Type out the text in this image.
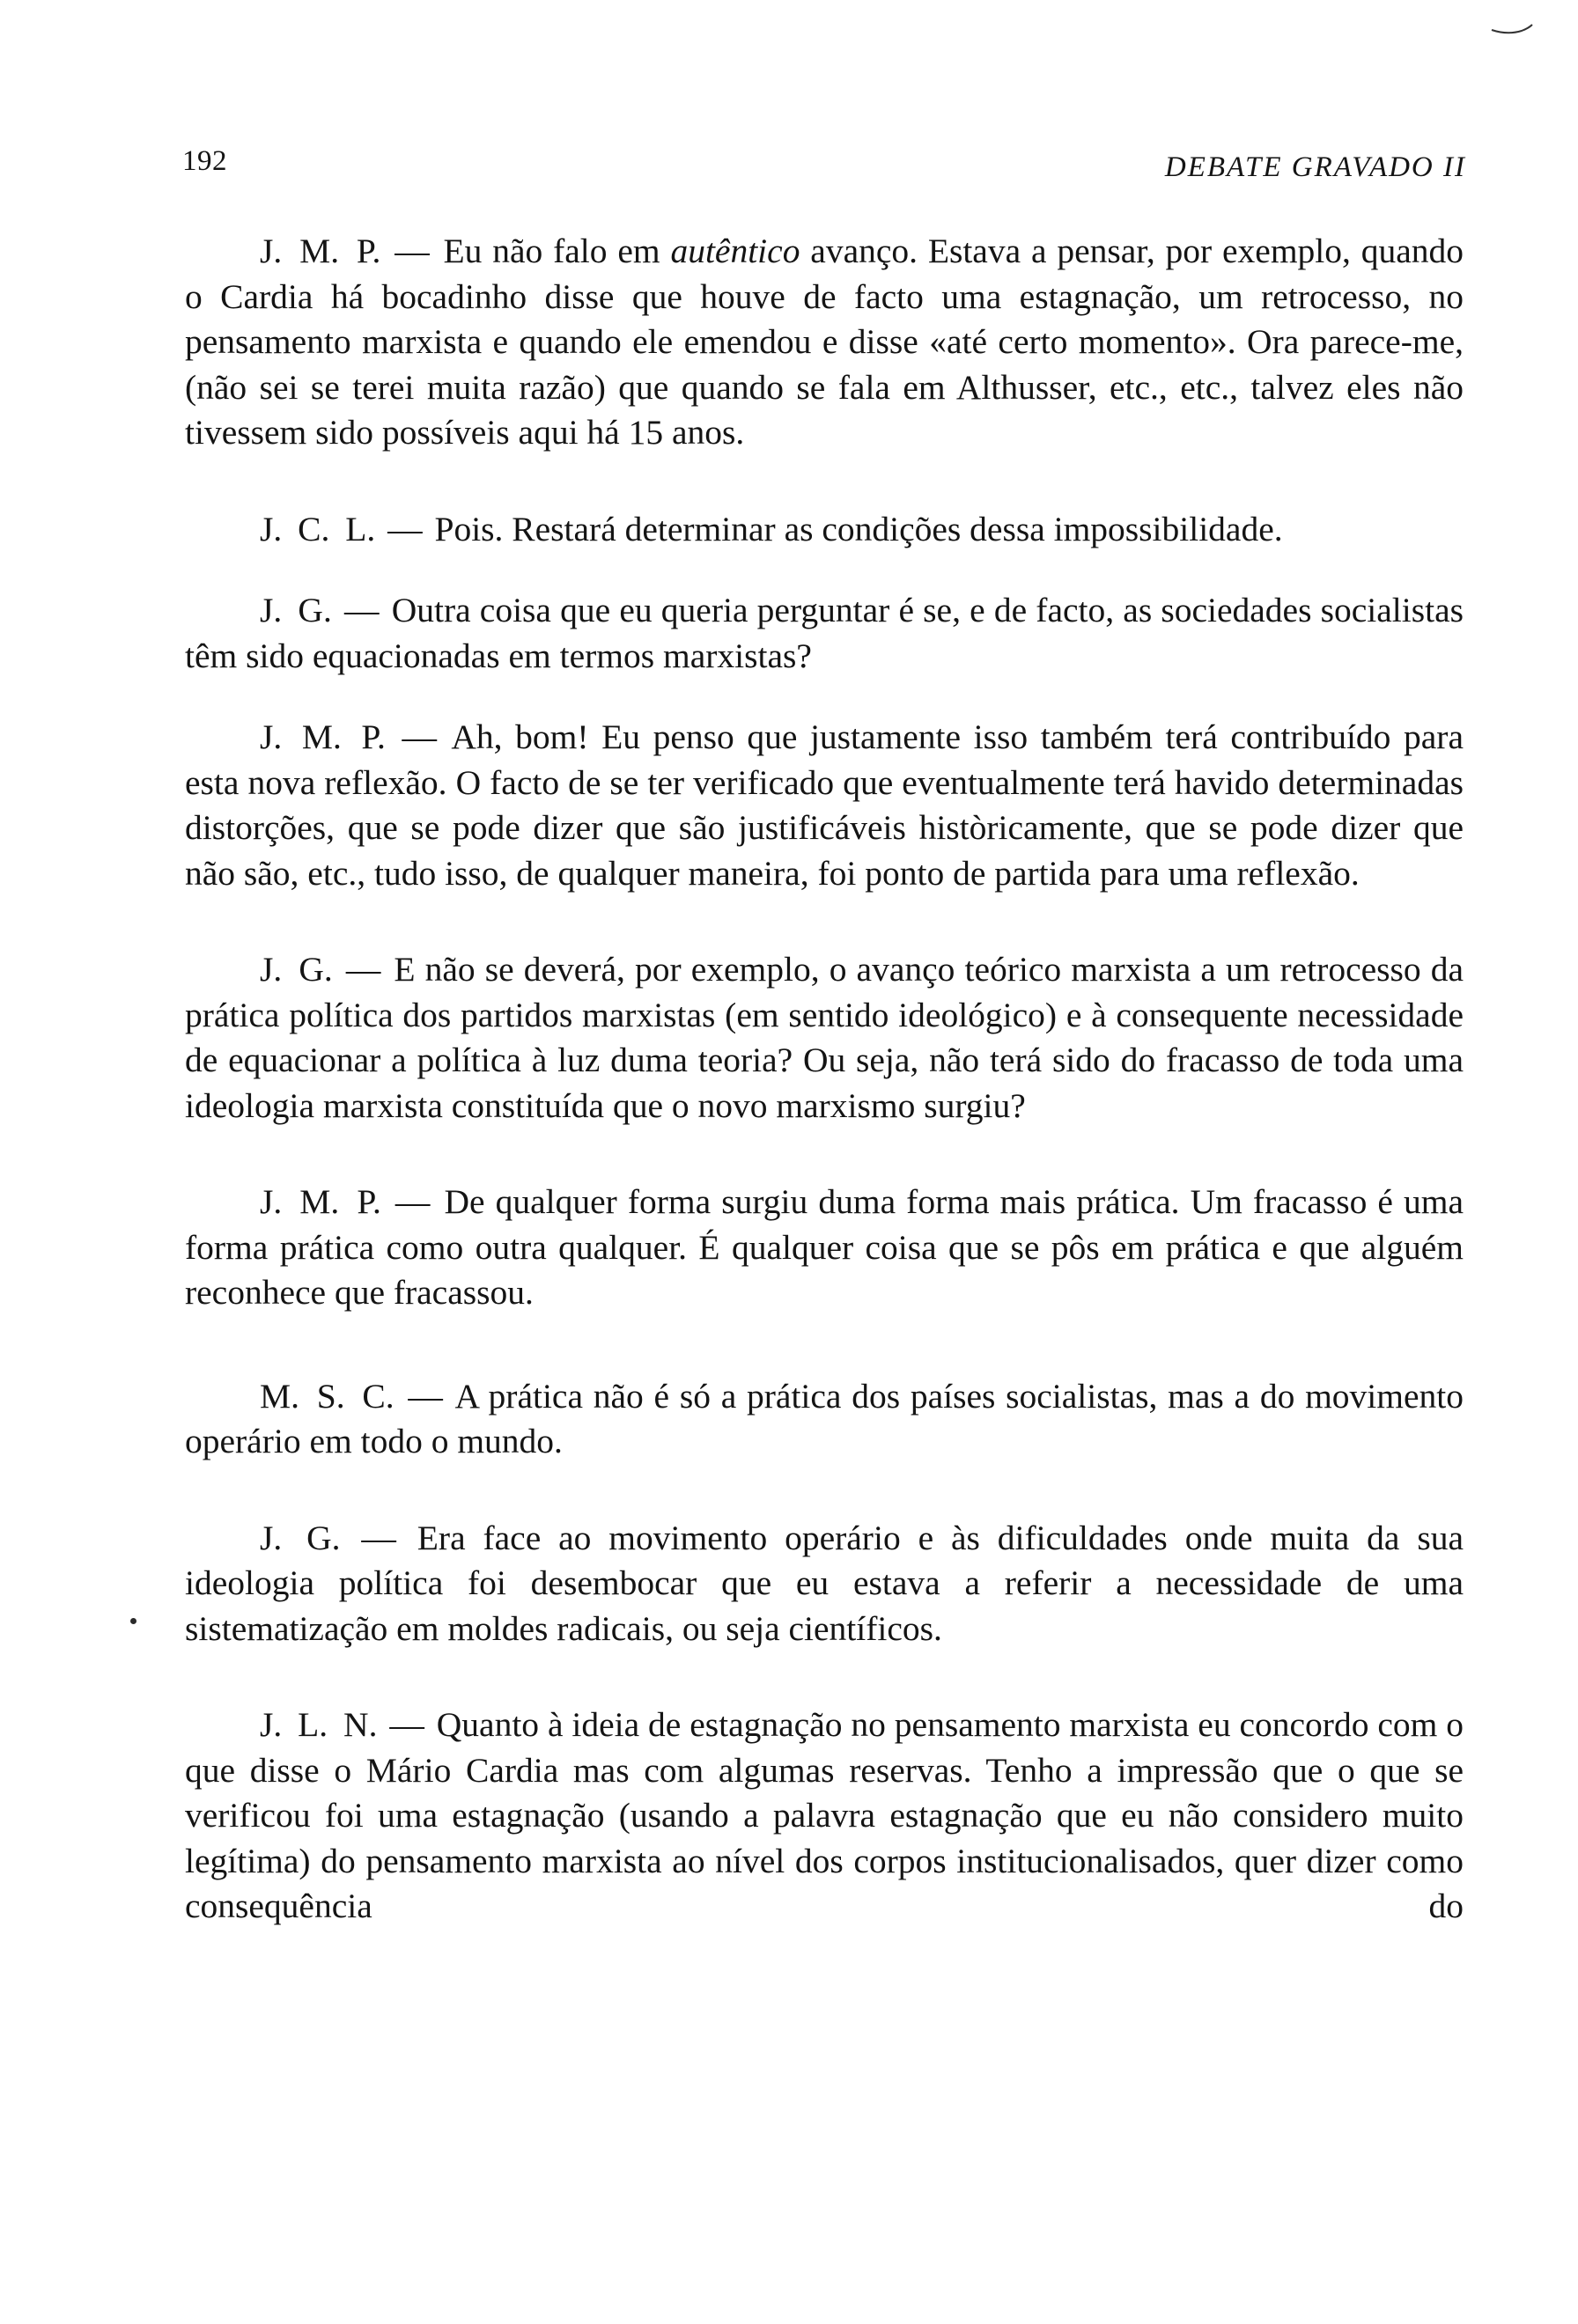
192	DEBATE GRAVADO II

J. M. P. — Eu não falo em autêntico avanço. Estava a pensar, por exemplo, quando o Cardia há bocadinho disse que houve de facto uma estagnação, um retrocesso, no pensamento marxista e quando ele emendou e disse «até certo momento». Ora parece-me, (não sei se terei muita razão) que quando se fala em Althusser, etc., etc., talvez eles não tivessem sido possíveis aqui há 15 anos.

J. C. L. — Pois. Restará determinar as condições dessa impossibilidade.

J. G. — Outra coisa que eu queria perguntar é se, e de facto, as sociedades socialistas têm sido equacionadas em termos marxistas?

J. M. P. — Ah, bom! Eu penso que justamente isso também terá contribuído para esta nova reflexão. O facto de se ter verificado que eventualmente terá havido determinadas distorções, que se pode dizer que são justificáveis històricamente, que se pode dizer que não são, etc., tudo isso, de qualquer maneira, foi ponto de partida para uma reflexão.

J. G. — E não se deverá, por exemplo, o avanço teórico marxista a um retrocesso da prática política dos partidos marxistas (em sentido ideológico) e à consequente necessidade de equacionar a política à luz duma teoria? Ou seja, não terá sido do fracasso de toda uma ideologia marxista constituída que o novo marxismo surgiu?

J. M. P. — De qualquer forma surgiu duma forma mais prática. Um fracasso é uma forma prática como outra qualquer. É qualquer coisa que se pôs em prática e que alguém reconhece que fracassou.

M. S. C. — A prática não é só a prática dos países socialistas, mas a do movimento operário em todo o mundo.

J. G. — Era face ao movimento operário e às dificuldades onde muita da sua ideologia política foi desembocar que eu estava a referir a necessidade de uma sistematização em moldes radicais, ou seja científicos.

J. L. N. — Quanto à ideia de estagnação no pensamento marxista eu concordo com o que disse o Mário Cardia mas com algumas reservas. Tenho a impressão que o que se verificou foi uma estagnação (usando a palavra estagnação que eu não considero muito legítima) do pensamento marxista ao nível dos corpos institucionalisados, quer dizer como consequência do
